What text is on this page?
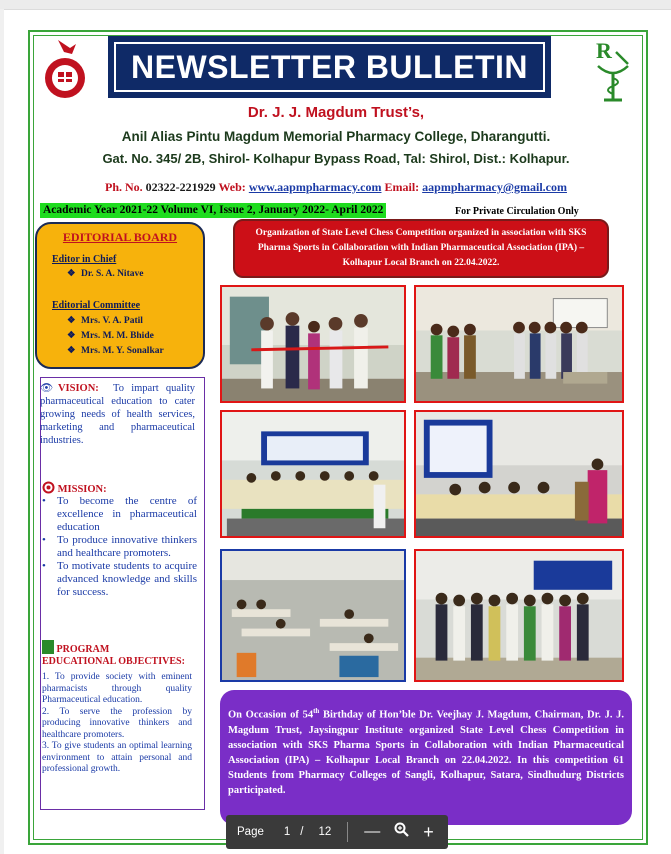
NEWSLETTER BULLETIN	R
Dr. J. J. Magdum Trust’s,
Anil Alias Pintu Magdum Memorial Pharmacy College, Dharangutti.
Gat. No. 345/ 2B, Shirol- Kolhapur Bypass Road, Tal: Shirol, Dist.: Kolhapur.
Ph. No. 02322-221929 Web: www.aapmpharmacy.com Email: aapmpharmacy@gmail.com
Academic Year 2021-22 Volume VI, Issue 2, January 2022- April 2022	For Private Circulation Only
EDITORIAL BOARD
Editor in Chief
❖ Dr. S. A. Nitave
Editorial Committee
❖ Mrs. V. A. Patil
❖ Mrs. M. M. Bhide
❖ Mrs. M. Y. Sonalkar
👁VISION: To impart quality pharmaceutical education to cater growing needs of health services, marketing and pharmaceutical industries.
MISSION:
• To become the centre of excellence in pharmaceutical education
• To produce innovative thinkers and healthcare promoters.
• To motivate students to acquire advanced knowledge and skills for success.
PROGRAM
EDUCATIONAL OBJECTIVES:
1. To provide society with eminent pharmacists through quality Pharmaceutical education.
2. To serve the profession by producing innovative thinkers and healthcare promoters.
3. To give students an optimal learning environment to attain personal and professional growth.
Organization of State Level Chess Competition organized in association with SKS Pharma Sports in Collaboration with Indian Pharmaceutical Association (IPA) – Kolhapur Local Branch on 22.04.2022.
On Occasion of 54th Birthday of Hon’ble Dr. Veejhay J. Magdum, Chairman, Dr. J. J. Magdum Trust, Jaysingpur Institute organized State Level Chess Competition in association with SKS Pharma Sports in Collaboration with Indian Pharmaceutical Association (IPA) – Kolhapur Local Branch on 22.04.2022. In this competition 61 Students from Pharmacy Colleges of Sangli, Kolhapur, Satara, Sindhudurg Districts participated.
Page 1 / 12 — +
